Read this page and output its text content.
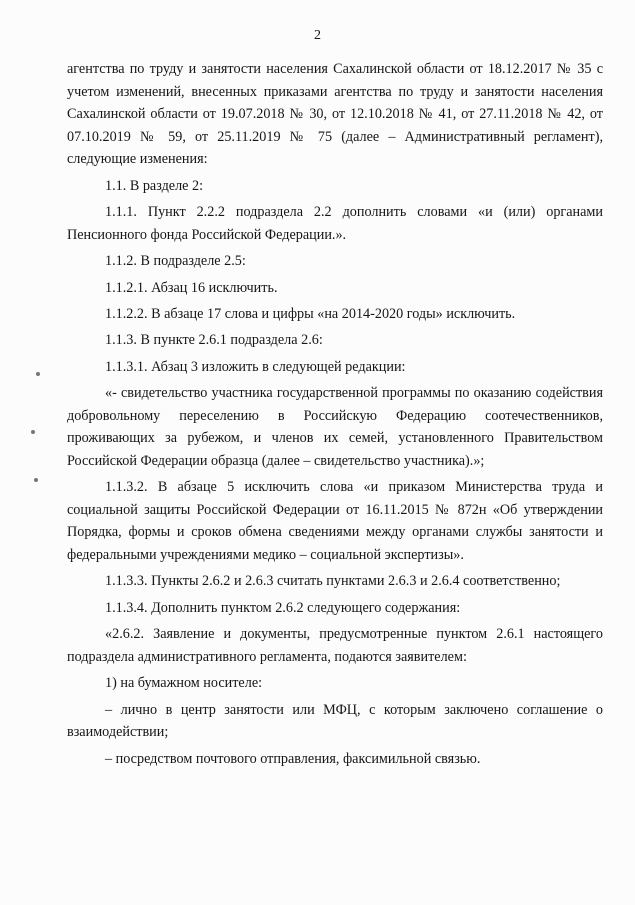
2

агентства по труду и занятости населения Сахалинской области от 18.12.2017 № 35 с учетом изменений, внесенных приказами агентства по труду и занятости населения Сахалинской области от 19.07.2018 № 30, от 12.10.2018 № 41, от 27.11.2018 № 42, от 07.10.2019 № 59, от 25.11.2019 № 75 (далее – Административный регламент), следующие изменения:

1.1. В разделе 2:

1.1.1. Пункт 2.2.2 подраздела 2.2 дополнить словами «и (или) органами Пенсионного фонда Российской Федерации.».

1.1.2. В подразделе 2.5:

1.1.2.1. Абзац 16 исключить.

1.1.2.2. В абзаце 17 слова и цифры «на 2014-2020 годы» исключить.

1.1.3. В пункте 2.6.1 подраздела 2.6:

1.1.3.1. Абзац 3 изложить в следующей редакции:

«- свидетельство участника государственной программы по оказанию содействия добровольному переселению в Российскую Федерацию соотечественников, проживающих за рубежом, и членов их семей, установленного Правительством Российской Федерации образца (далее – свидетельство участника).»;

1.1.3.2. В абзаце 5 исключить слова «и приказом Министерства труда и социальной защиты Российской Федерации от 16.11.2015 № 872н «Об утверждении Порядка, формы и сроков обмена сведениями между органами службы занятости и федеральными учреждениями медико – социальной экспертизы».

1.1.3.3. Пункты 2.6.2 и 2.6.3 считать пунктами 2.6.3 и 2.6.4 соответственно;

1.1.3.4. Дополнить пунктом 2.6.2 следующего содержания:

«2.6.2. Заявление и документы, предусмотренные пунктом 2.6.1 настоящего подраздела административного регламента, подаются заявителем:

1) на бумажном носителе:

– лично в центр занятости или МФЦ, с которым заключено соглашение о взаимодействии;

– посредством почтового отправления, факсимильной связью.
